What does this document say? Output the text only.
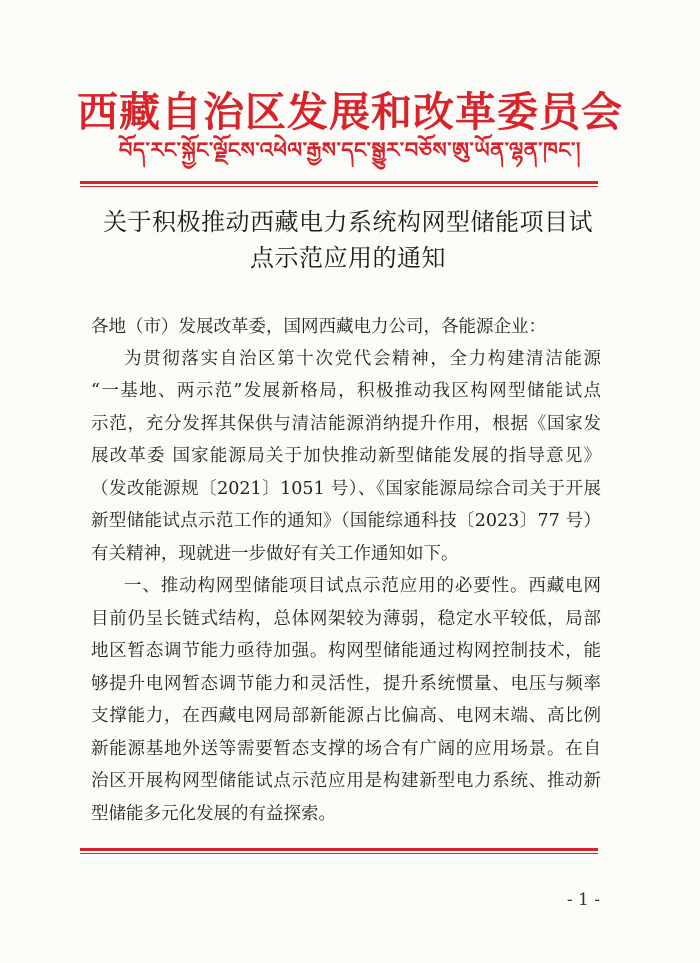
西藏自治区发展和改革委员会
བོད་རང་སྐྱོང་ལྗོངས་འཕེལ་རྒྱས་དང་སྒྱུར་བཅོས་ཨུ་ཡོན་ལྷན་ཁང་།
关于积极推动西藏电力系统构网型储能项目试
点示范应用的通知
各地（市）发展改革委，国网西藏电力公司，各能源企业：
为贯彻落实自治区第十次党代会精神，全力构建清洁能源
“一基地、两示范”发展新格局，积极推动我区构网型储能试点
示范，充分发挥其保供与清洁能源消纳提升作用，根据《国家发
展改革委 国家能源局关于加快推动新型储能发展的指导意见》
（发改能源规〔2021〕1051 号）、《国家能源局综合司关于开展
新型储能试点示范工作的通知》（国能综通科技〔2023〕77 号）
有关精神，现就进一步做好有关工作通知如下。
一、推动构网型储能项目试点示范应用的必要性。西藏电网
目前仍呈长链式结构，总体网架较为薄弱，稳定水平较低，局部
地区暂态调节能力亟待加强。构网型储能通过构网控制技术，能
够提升电网暂态调节能力和灵活性，提升系统惯量、电压与频率
支撑能力，在西藏电网局部新能源占比偏高、电网末端、高比例
新能源基地外送等需要暂态支撑的场合有广阔的应用场景。在自
治区开展构网型储能试点示范应用是构建新型电力系统、推动新
型储能多元化发展的有益探索。
- 1 -
